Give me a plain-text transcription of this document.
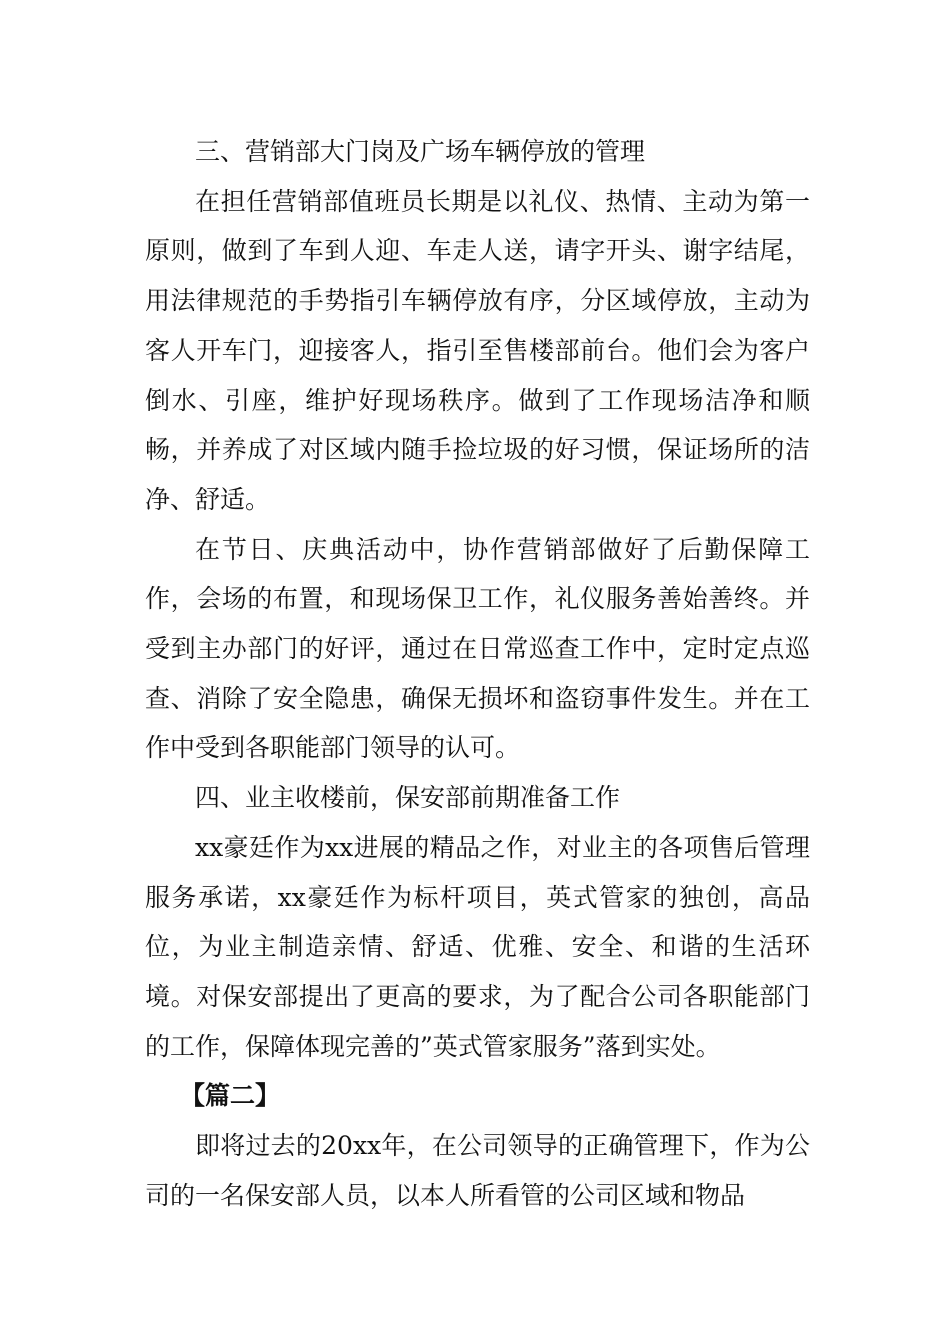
三、营销部大门岗及广场车辆停放的管理

在担任营销部值班员长期是以礼仪、热情、主动为第一原则，做到了车到人迎、车走人送，请字开头、谢字结尾，用法律规范的手势指引车辆停放有序，分区域停放，主动为客人开车门，迎接客人，指引至售楼部前台。他们会为客户倒水、引座，维护好现场秩序。做到了工作现场洁净和顺畅，并养成了对区域内随手捡垃圾的好习惯，保证场所的洁净、舒适。

在节日、庆典活动中，协作营销部做好了后勤保障工作，会场的布置，和现场保卫工作，礼仪服务善始善终。并受到主办部门的好评，通过在日常巡查工作中，定时定点巡查、消除了安全隐患，确保无损坏和盗窃事件发生。并在工作中受到各职能部门领导的认可。

四、业主收楼前，保安部前期准备工作

xx豪廷作为xx进展的精品之作，对业主的各项售后管理服务承诺，xx豪廷作为标杆项目，英式管家的独创，高品位，为业主制造亲情、舒适、优雅、安全、和谐的生活环境。对保安部提出了更高的要求，为了配合公司各职能部门的工作，保障体现完善的”英式管家服务”落到实处。

【篇二】

即将过去的20xx年，在公司领导的正确管理下，作为公司的一名保安部人员，以本人所看管的公司区域和物品
